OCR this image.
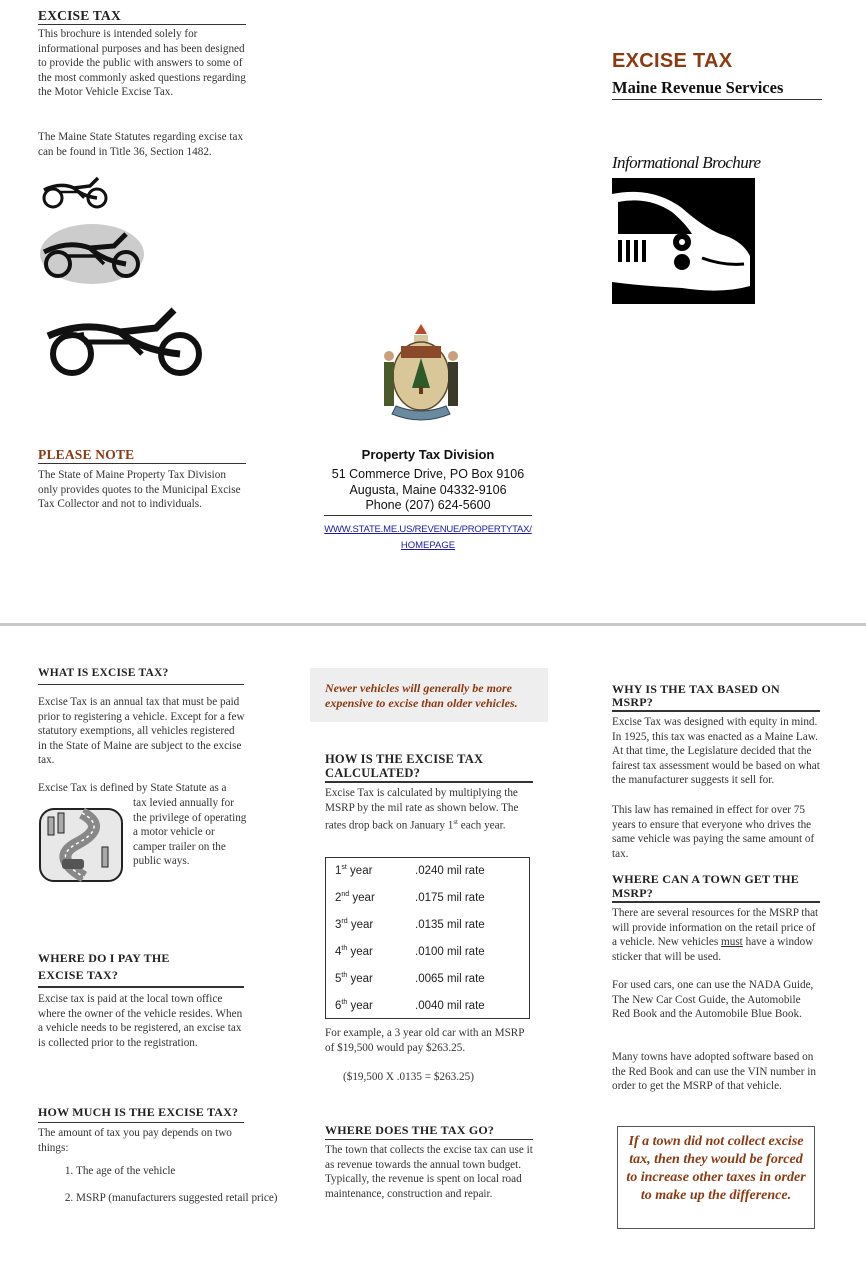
EXCISE TAX

This brochure is intended solely for informational purposes and has been designed to provide the public with answers to some of the most commonly asked questions regarding the Motor Vehicle Excise Tax.

The Maine State Statutes regarding excise tax can be found in Title 36, Section 1482.

PLEASE NOTE

The State of Maine Property Tax Division only provides quotes to the Municipal Excise Tax Collector and not to individuals.

Property Tax Division
51 Commerce Drive, PO Box 9106
Augusta, Maine 04332-9106
Phone (207) 624-5600
WWW.STATE.ME.US/REVENUE/PROPERTYTAX/
HOMEPAGE
EXCISE TAX
Maine Revenue Services
Informational Brochure
WHAT IS EXCISE TAX?

Excise Tax is an annual tax that must be paid prior to registering a vehicle. Except for a few statutory exemptions, all vehicles registered in the State of Maine are subject to the excise tax.

Excise Tax is defined by State Statute as a

tax levied annually for the privilege of operating a motor vehicle or camper trailer on the public ways.

WHERE DO I PAY THE EXCISE TAX?

Excise tax is paid at the local town office where the owner of the vehicle resides. When a vehicle needs to be registered, an excise tax is collected prior to the registration.

HOW MUCH IS THE EXCISE TAX?

The amount of tax you pay depends on two things:

1. The age of the vehicle
2. MSRP (manufacturers suggested retail price)

Newer vehicles will generally be more expensive to excise than older vehicles.

HOW IS THE EXCISE TAX CALCULATED?

Excise Tax is calculated by multiplying the MSRP by the mil rate as shown below. The rates drop back on January 1st each year.

1st year	.0240 mil rate
2nd year	.0175 mil rate
3rd year	.0135 mil rate
4th year	.0100 mil rate
5th year	.0065 mil rate
6th year	.0040 mil rate

For example, a 3 year old car with an MSRP of $19,500 would pay $263.25.

($19,500 X .0135 = $263.25)

WHERE DOES THE TAX GO?

The town that collects the excise tax can use it as revenue towards the annual town budget. Typically, the revenue is spent on local road maintenance, construction and repair.

WHY IS THE TAX BASED ON MSRP?

Excise Tax was designed with equity in mind. In 1925, this tax was enacted as a Maine Law. At that time, the Legislature decided that the fairest tax assessment would be based on what the manufacturer suggests it sell for.

This law has remained in effect for over 75 years to ensure that everyone who drives the same vehicle was paying the same amount of tax.

WHERE CAN A TOWN GET THE MSRP?

There are several resources for the MSRP that will provide information on the retail price of a vehicle. New vehicles must have a window sticker that will be used.

For used cars, one can use the NADA Guide, The New Car Cost Guide, the Automobile Red Book and the Automobile Blue Book.

Many towns have adopted software based on the Red Book and can use the VIN number in order to get the MSRP of that vehicle.

If a town did not collect excise tax, then they would be forced to increase other taxes in order to make up the difference.
